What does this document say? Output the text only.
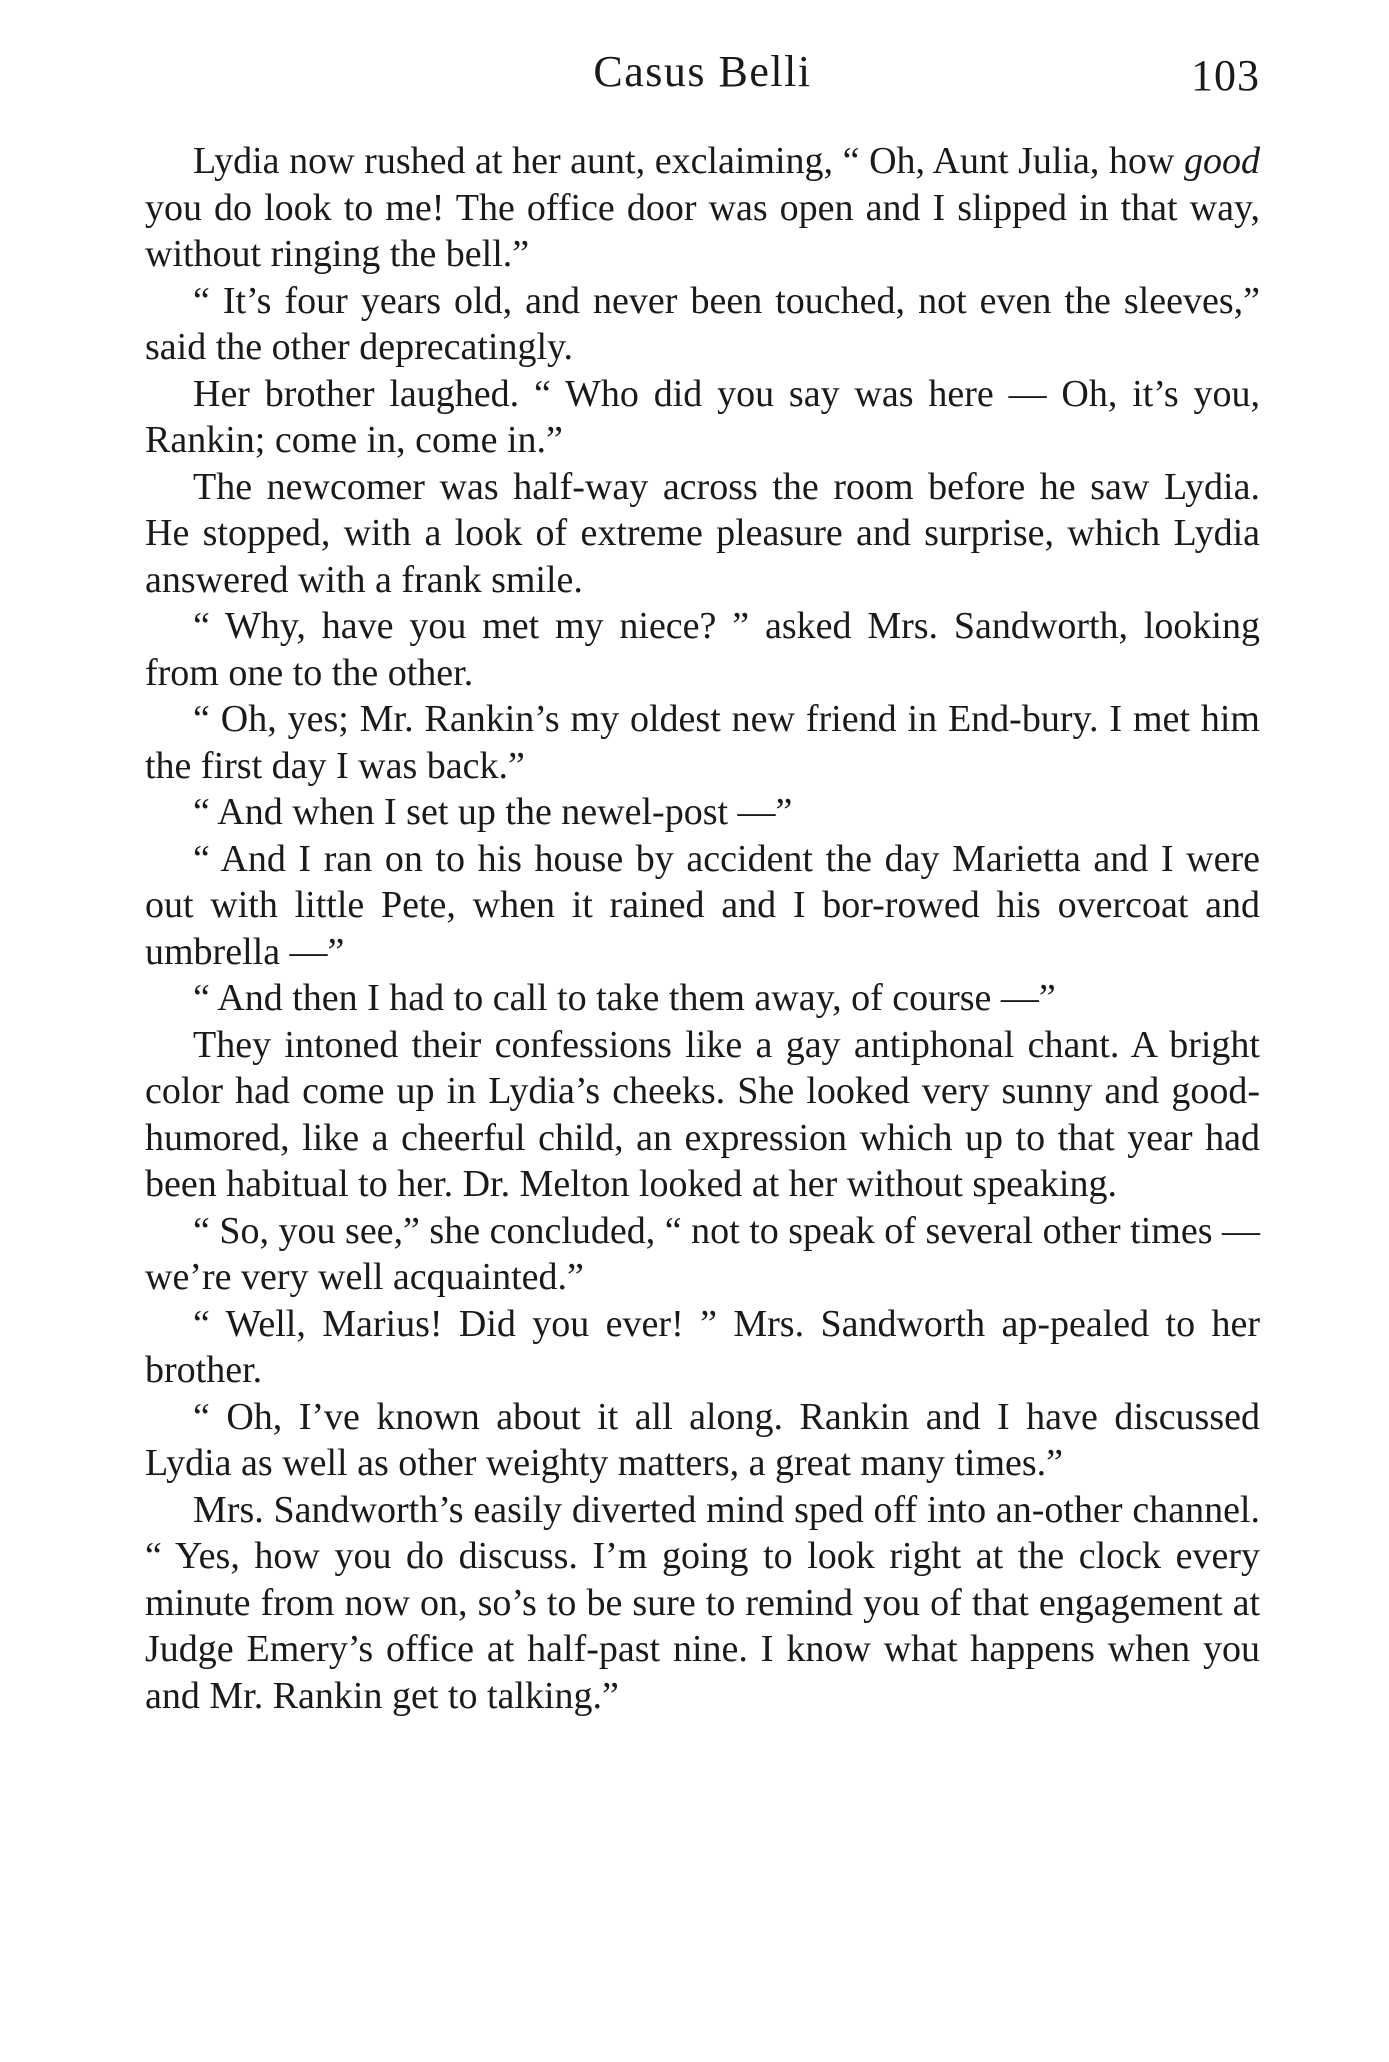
Casus Belli	103

Lydia now rushed at her aunt, exclaiming, “ Oh, Aunt Julia, how good you do look to me! The office door was open and I slipped in that way, without ringing the bell.”

“ It’s four years old, and never been touched, not even the sleeves,” said the other deprecatingly.

Her brother laughed. “ Who did you say was here — Oh, it’s you, Rankin; come in, come in.”

The newcomer was half-way across the room before he saw Lydia. He stopped, with a look of extreme pleasure and surprise, which Lydia answered with a frank smile.

“ Why, have you met my niece? ” asked Mrs. Sandworth, looking from one to the other.

“ Oh, yes; Mr. Rankin’s my oldest new friend in End-bury. I met him the first day I was back.”

“ And when I set up the newel-post —”

“ And I ran on to his house by accident the day Marietta and I were out with little Pete, when it rained and I bor-rowed his overcoat and umbrella —”

“ And then I had to call to take them away, of course —”

They intoned their confessions like a gay antiphonal chant. A bright color had come up in Lydia’s cheeks. She looked very sunny and good-humored, like a cheerful child, an expression which up to that year had been habitual to her. Dr. Melton looked at her without speaking.

“ So, you see,” she concluded, “ not to speak of several other times — we’re very well acquainted.”

“ Well, Marius! Did you ever! ” Mrs. Sandworth ap-pealed to her brother.

“ Oh, I’ve known about it all along. Rankin and I have discussed Lydia as well as other weighty matters, a great many times.”

Mrs. Sandworth’s easily diverted mind sped off into an-other channel. “ Yes, how you do discuss. I’m going to look right at the clock every minute from now on, so’s to be sure to remind you of that engagement at Judge Emery’s office at half-past nine. I know what happens when you and Mr. Rankin get to talking.”
